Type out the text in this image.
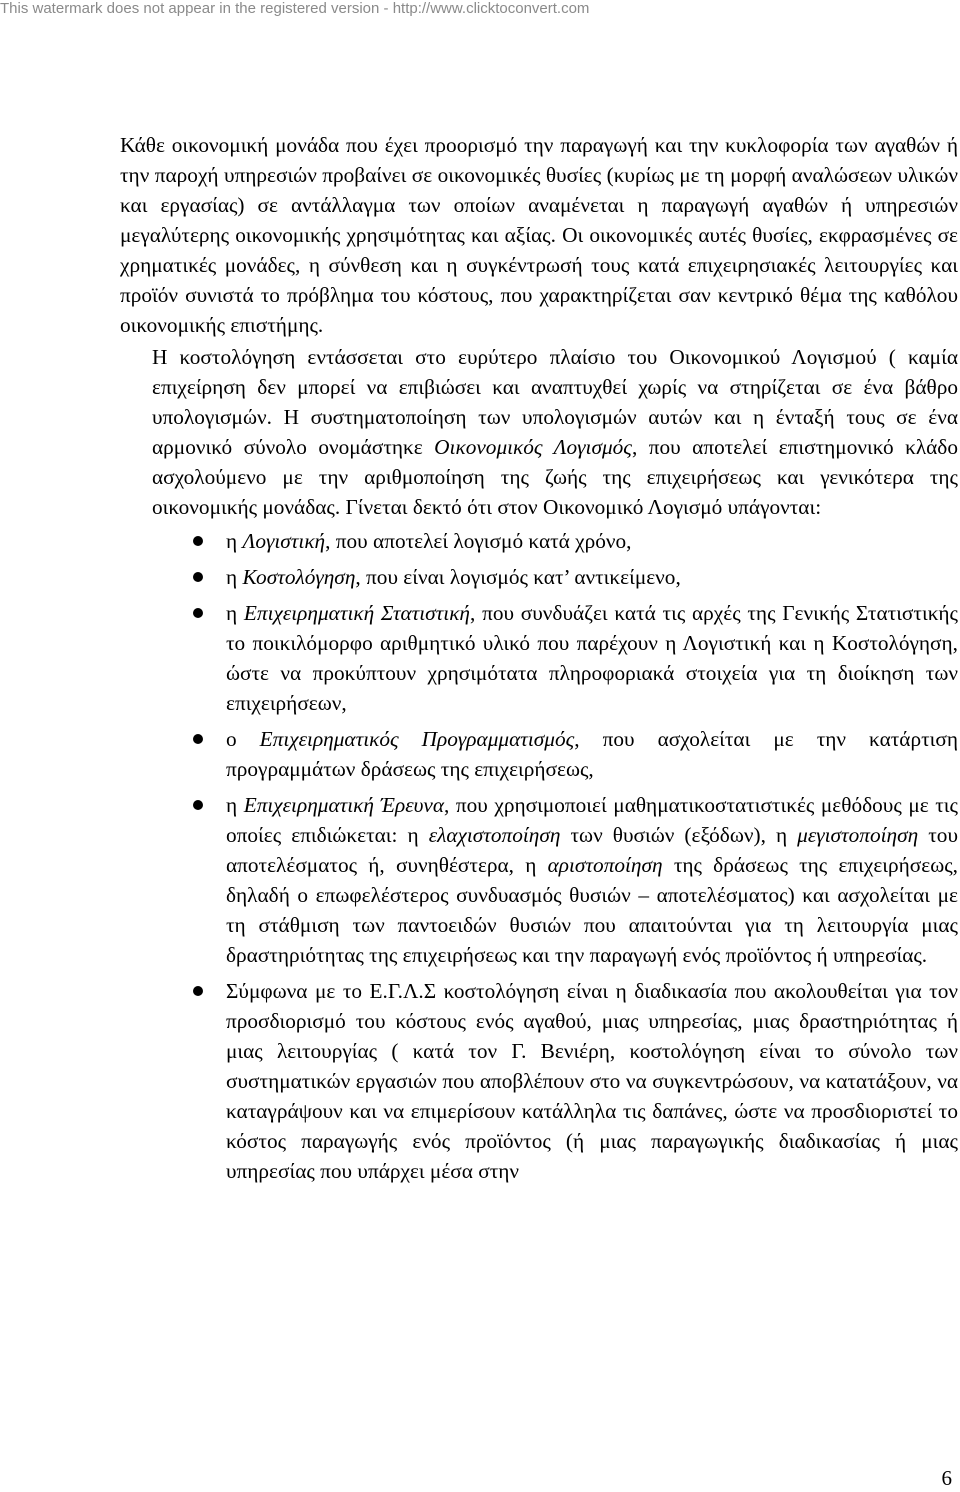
This watermark does not appear in the registered version - http://www.clicktoconvert.com

Κάθε οικονομική μονάδα που έχει προορισμό την παραγωγή και την κυκλοφορία των αγαθών ή την παροχή υπηρεσιών προβαίνει σε οικονομικές θυσίες (κυρίως με τη μορφή αναλώσεων υλικών και εργασίας) σε αντάλλαγμα των οποίων αναμένεται η παραγωγή αγαθών ή υπηρεσιών μεγαλύτερης οικονομικής χρησιμότητας και αξίας. Οι οικονομικές αυτές θυσίες, εκφρασμένες σε χρηματικές μονάδες, η σύνθεση και η συγκέντρωσή τους κατά επιχειρησιακές λειτουργίες και προϊόν συνιστά το πρόβλημα του κόστους, που χαρακτηρίζεται σαν κεντρικό θέμα της καθόλου οικονομικής επιστήμης.

Η κοστολόγηση εντάσσεται στο ευρύτερο πλαίσιο του Οικονομικού Λογισμού ( καμία επιχείρηση δεν μπορεί να επιβιώσει και αναπτυχθεί χωρίς να στηρίζεται σε ένα βάθρο υπολογισμών. Η συστηματοποίηση των υπολογισμών αυτών και η ένταξή τους σε ένα αρμονικό σύνολο ονομάστηκε Οικονομικός Λογισμός, που αποτελεί επιστημονικό κλάδο ασχολούμενο με την αριθμοποίηση της ζωής της επιχειρήσεως και γενικότερα της οικονομικής μονάδας. Γίνεται δεκτό ότι στον Οικονομικό Λογισμό υπάγονται:

η Λογιστική, που αποτελεί λογισμό κατά χρόνο,
η Κοστολόγηση, που είναι λογισμός κατ’ αντικείμενο,
η Επιχειρηματική Στατιστική, που συνδυάζει κατά τις αρχές της Γενικής Στατιστικής το ποικιλόμορφο αριθμητικό υλικό που παρέχουν η Λογιστική και η Κοστολόγηση, ώστε να προκύπτουν χρησιμότατα πληροφοριακά στοιχεία για τη διοίκηση των επιχειρήσεων,
ο Επιχειρηματικός Προγραμματισμός, που ασχολείται με την κατάρτιση προγραμμάτων δράσεως της επιχειρήσεως,
η Επιχειρηματική Έρευνα, που χρησιμοποιεί μαθηματικοστατιστικές μεθόδους με τις οποίες επιδιώκεται: η ελαχιστοποίηση των θυσιών (εξόδων), η μεγιστοποίηση του αποτελέσματος ή, συνηθέστερα, η αριστοποίηση της δράσεως της επιχειρήσεως, δηλαδή ο επωφελέστερος συνδυασμός θυσιών – αποτελέσματος) και ασχολείται με τη στάθμιση των παντοειδών θυσιών που απαιτούνται για τη λειτουργία μιας δραστηριότητας της επιχειρήσεως και την παραγωγή ενός προϊόντος ή υπηρεσίας.
Σύμφωνα με το Ε.Γ.Λ.Σ κοστολόγηση είναι η διαδικασία που ακολουθείται για τον προσδιορισμό του κόστους ενός αγαθού, μιας υπηρεσίας, μιας δραστηριότητας ή μιας λειτουργίας ( κατά τον Γ. Βενιέρη, κοστολόγηση είναι το σύνολο των συστηματικών εργασιών που αποβλέπουν στο να συγκεντρώσουν, να κατατάξουν, να καταγράψουν και να επιμερίσουν κατάλληλα τις δαπάνες, ώστε να προσδιοριστεί το κόστος παραγωγής ενός προϊόντος (ή μιας παραγωγικής διαδικασίας ή μιας υπηρεσίας που υπάρχει μέσα στην
6
